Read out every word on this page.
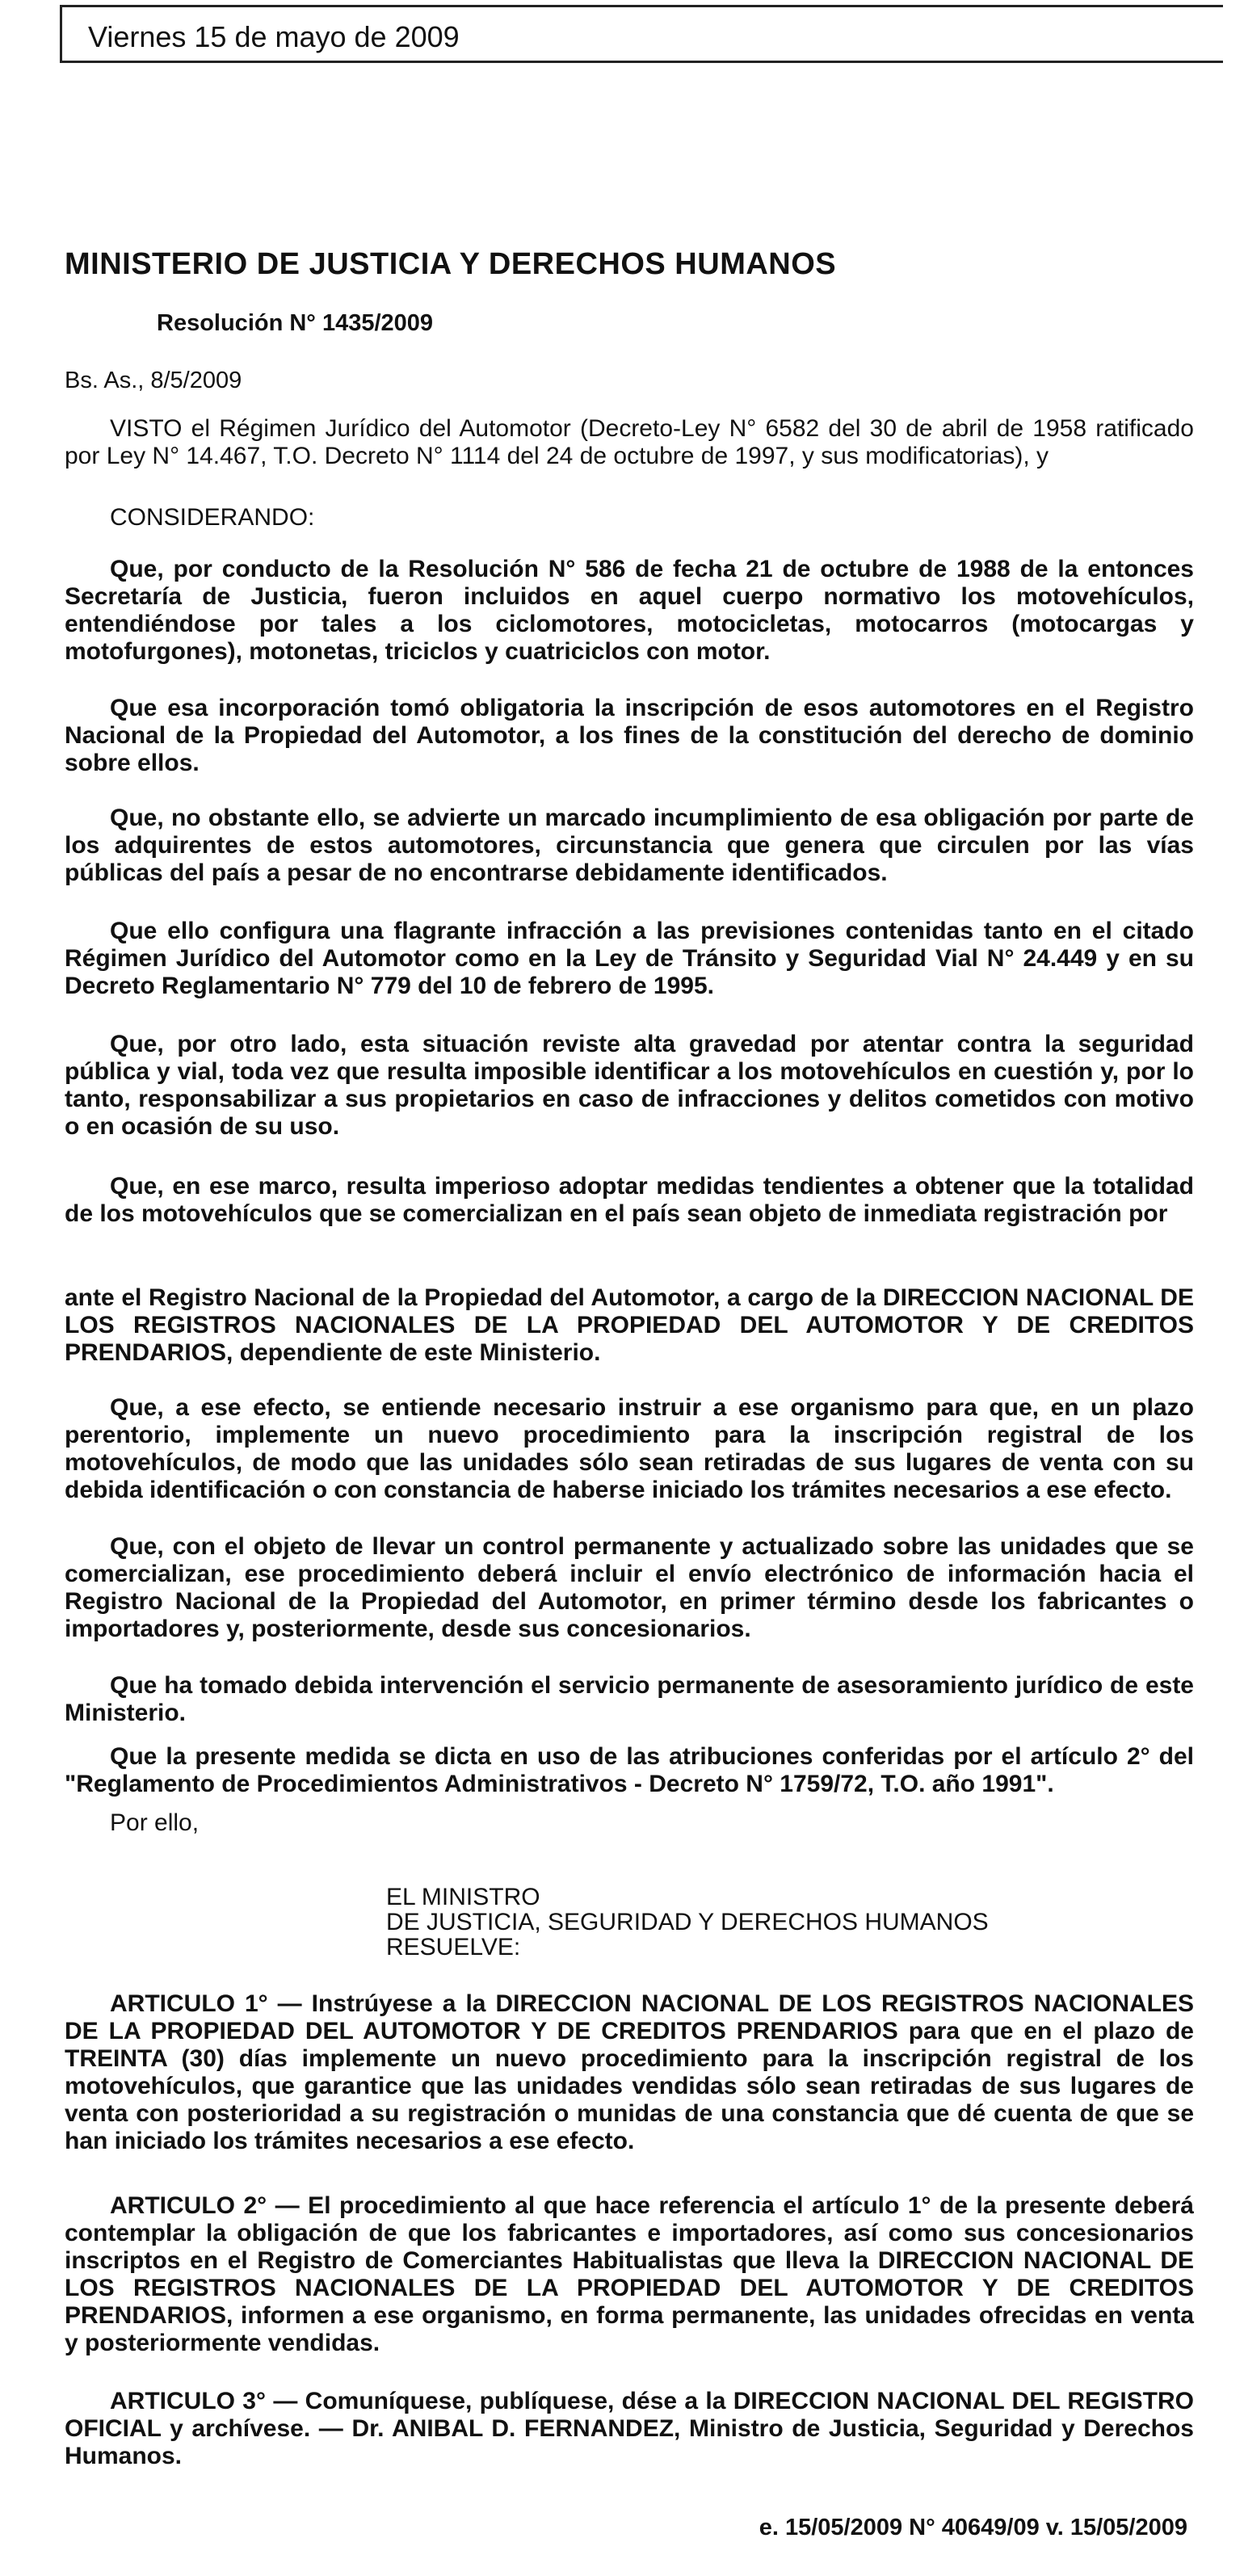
Viernes 15 de mayo de 2009
MINISTERIO DE JUSTICIA Y DERECHOS HUMANOS
Resolución N° 1435/2009
Bs. As., 8/5/2009

VISTO el Régimen Jurídico del Automotor (Decreto-Ley N° 6582 del 30 de abril de 1958 ratificado por Ley N° 14.467, T.O. Decreto N° 1114 del 24 de octubre de 1997, y sus modificatorias), y

CONSIDERANDO:

Que, por conducto de la Resolución N° 586 de fecha 21 de octubre de 1988 de la entonces Secretaría de Justicia, fueron incluidos en aquel cuerpo normativo los motovehículos, entendiéndose por tales a los ciclomotores, motocicletas, motocarros (motocargas y motofurgones), motonetas, triciclos y cuatriciclos con motor.

Que esa incorporación tomó obligatoria la inscripción de esos automotores en el Registro Nacional de la Propiedad del Automotor, a los fines de la constitución del derecho de dominio sobre ellos.

Que, no obstante ello, se advierte un marcado incumplimiento de esa obligación por parte de los adquirentes de estos automotores, circunstancia que genera que circulen por las vías públicas del país a pesar de no encontrarse debidamente identificados.

Que ello configura una flagrante infracción a las previsiones contenidas tanto en el citado Régimen Jurídico del Automotor como en la Ley de Tránsito y Seguridad Vial N° 24.449 y en su Decreto Reglamentario N° 779 del 10 de febrero de 1995.

Que, por otro lado, esta situación reviste alta gravedad por atentar contra la seguridad pública y vial, toda vez que resulta imposible identificar a los motovehículos en cuestión y, por lo tanto, responsabilizar a sus propietarios en caso de infracciones y delitos cometidos con motivo o en ocasión de su uso.

Que, en ese marco, resulta imperioso adoptar medidas tendientes a obtener que la totalidad de los motovehículos que se comercializan en el país sean objeto de inmediata registración por

ante el Registro Nacional de la Propiedad del Automotor, a cargo de la DIRECCION NACIONAL DE LOS REGISTROS NACIONALES DE LA PROPIEDAD DEL AUTOMOTOR Y DE CREDITOS PRENDARIOS, dependiente de este Ministerio.

Que, a ese efecto, se entiende necesario instruir a ese organismo para que, en un plazo perentorio, implemente un nuevo procedimiento para la inscripción registral de los motovehículos, de modo que las unidades sólo sean retiradas de sus lugares de venta con su debida identificación o con constancia de haberse iniciado los trámites necesarios a ese efecto.

Que, con el objeto de llevar un control permanente y actualizado sobre las unidades que se comercializan, ese procedimiento deberá incluir el envío electrónico de información hacia el Registro Nacional de la Propiedad del Automotor, en primer término desde los fabricantes o importadores y, posteriormente, desde sus concesionarios.

Que ha tomado debida intervención el servicio permanente de asesoramiento jurídico de este Ministerio.

Que la presente medida se dicta en uso de las atribuciones conferidas por el artículo 2° del "Reglamento de Procedimientos Administrativos - Decreto N° 1759/72, T.O. año 1991".

Por ello,
EL MINISTRO
DE JUSTICIA, SEGURIDAD Y DERECHOS HUMANOS
RESUELVE:

ARTICULO 1° — Instrúyese a la DIRECCION NACIONAL DE LOS REGISTROS NACIONALES DE LA PROPIEDAD DEL AUTOMOTOR Y DE CREDITOS PRENDARIOS para que en el plazo de TREINTA (30) días implemente un nuevo procedimiento para la inscripción registral de los motovehículos, que garantice que las unidades vendidas sólo sean retiradas de sus lugares de venta con posterioridad a su registración o munidas de una constancia que dé cuenta de que se han iniciado los trámites necesarios a ese efecto.

ARTICULO 2° — El procedimiento al que hace referencia el artículo 1° de la presente deberá contemplar la obligación de que los fabricantes e importadores, así como sus concesionarios inscriptos en el Registro de Comerciantes Habitualistas que lleva la DIRECCION NACIONAL DE LOS REGISTROS NACIONALES DE LA PROPIEDAD DEL AUTOMOTOR Y DE CREDITOS PRENDARIOS, informen a ese organismo, en forma permanente, las unidades ofrecidas en venta y posteriormente vendidas.

ARTICULO 3° — Comuníquese, publíquese, dése a la DIRECCION NACIONAL DEL REGISTRO OFICIAL y archívese. — Dr. ANIBAL D. FERNANDEZ, Ministro de Justicia, Seguridad y Derechos Humanos.

e. 15/05/2009 N° 40649/09 v. 15/05/2009
